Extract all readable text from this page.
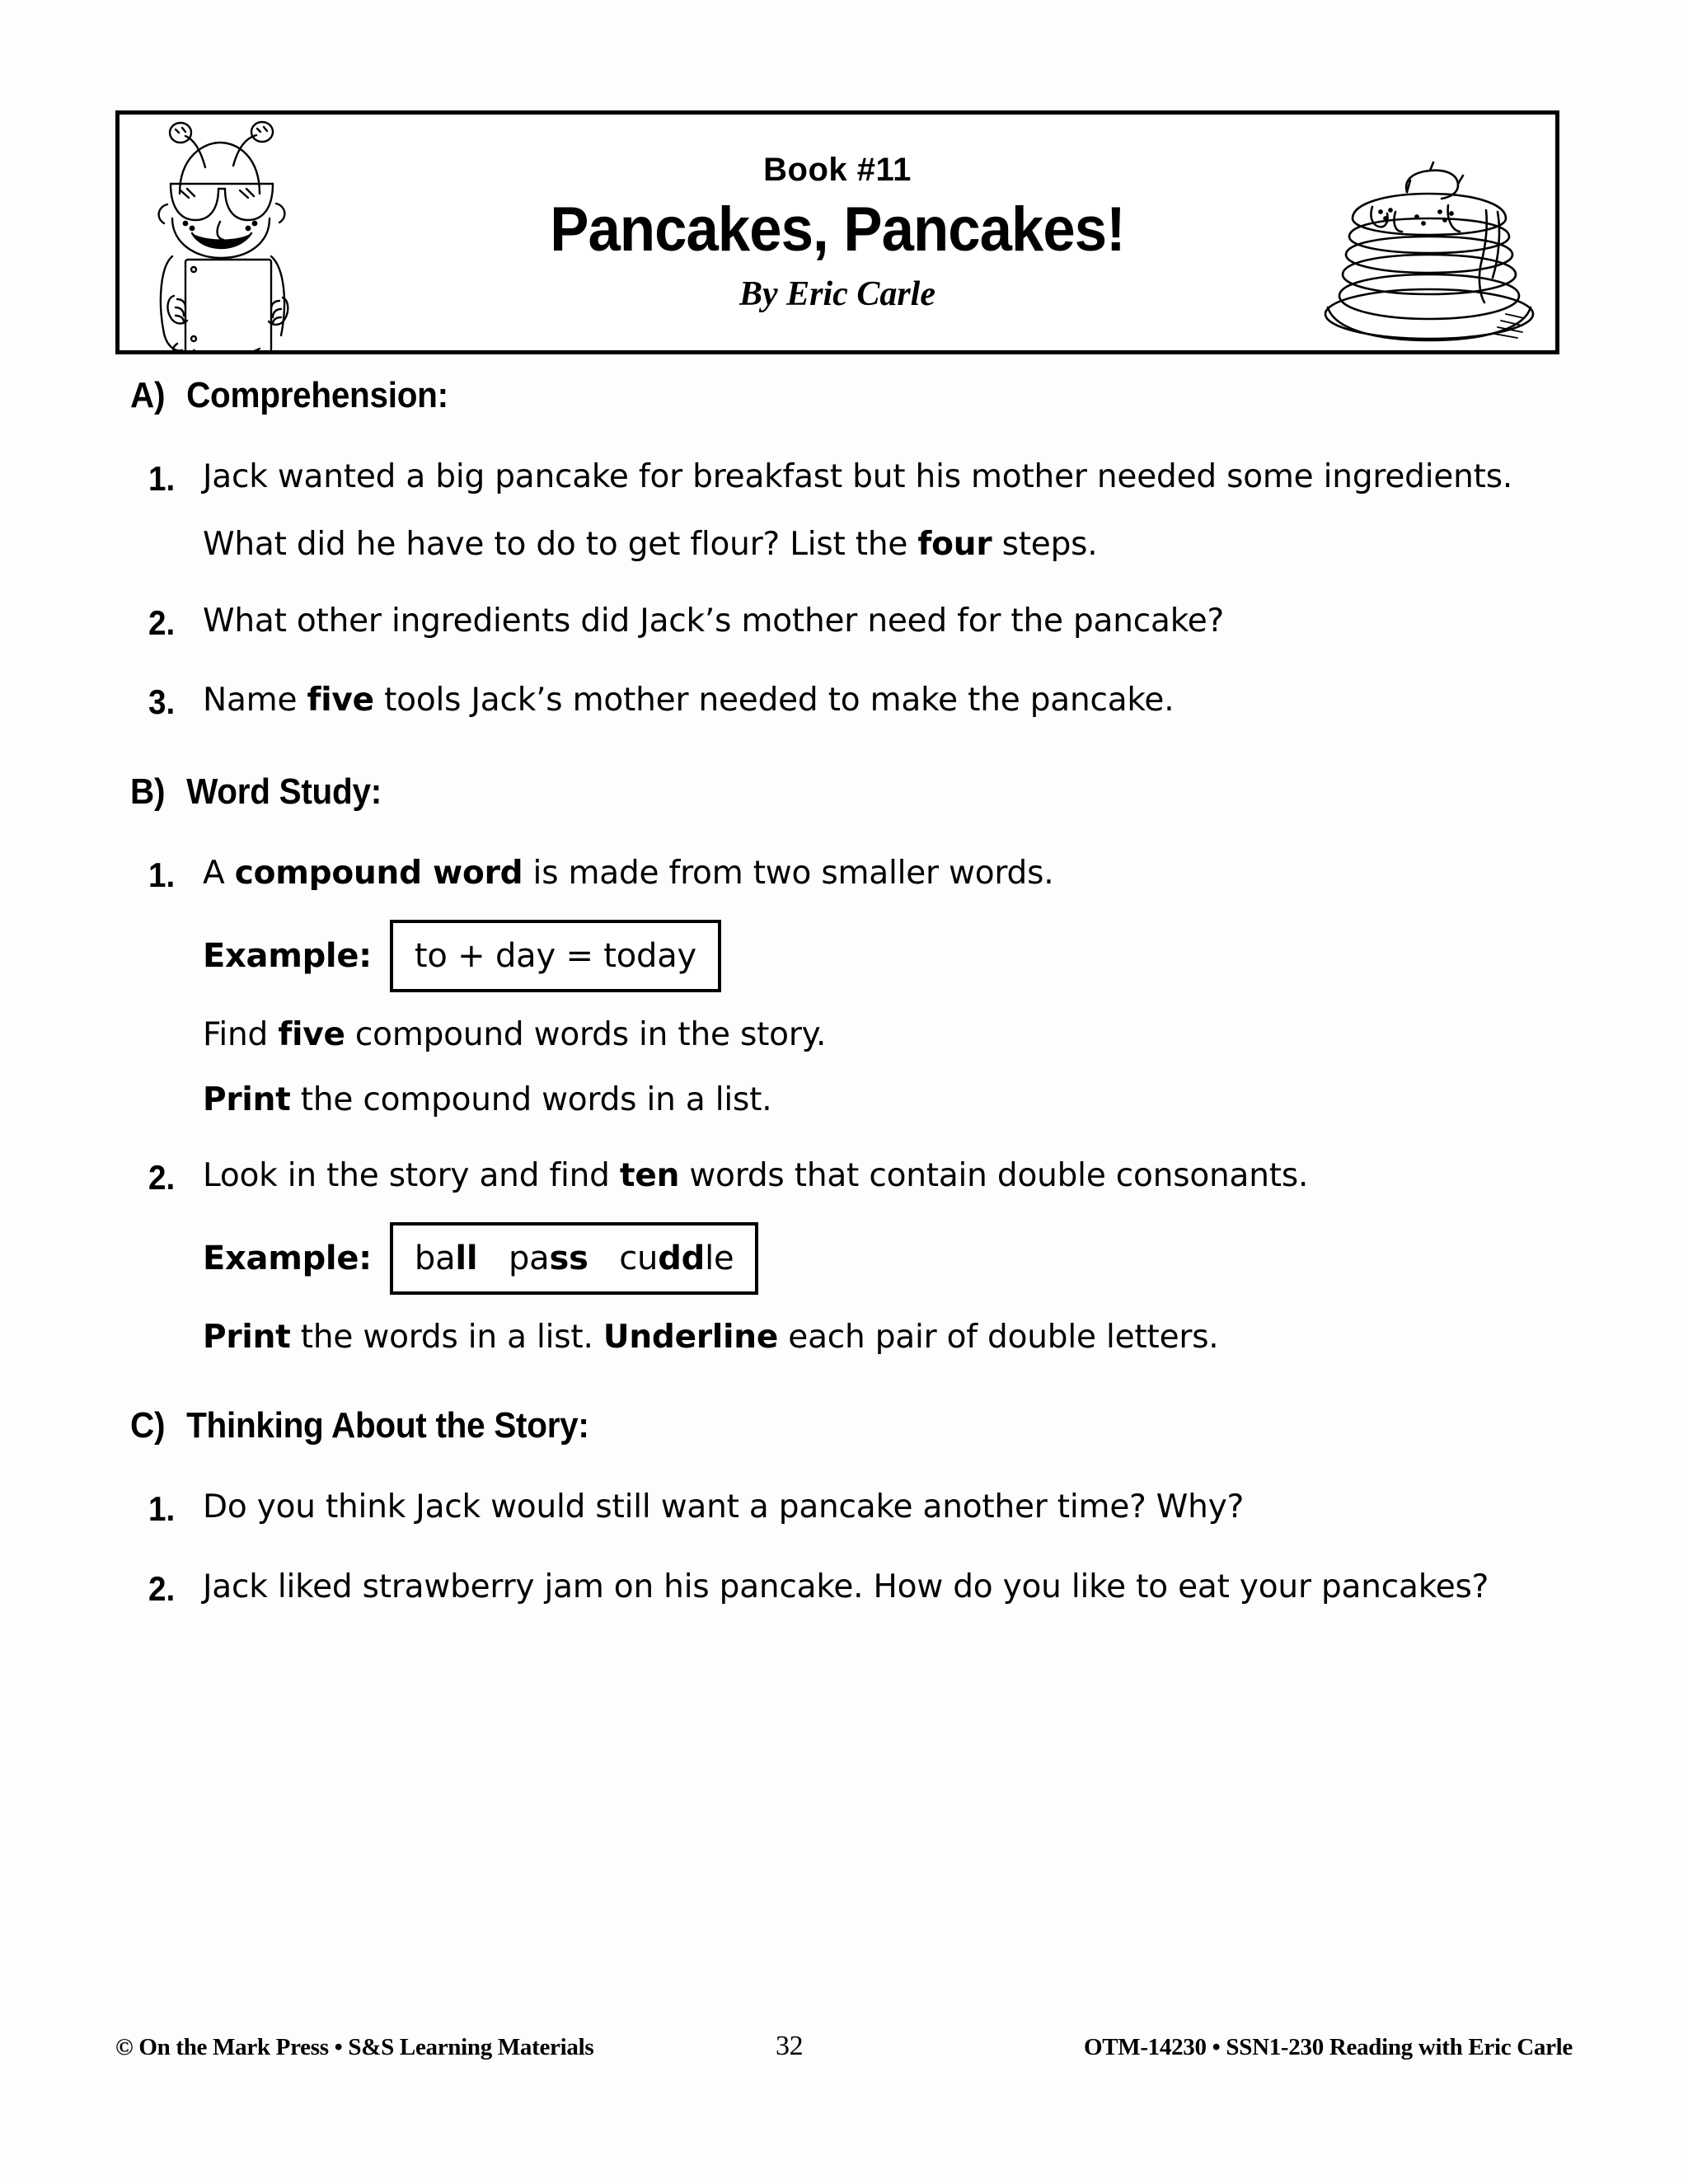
Book #11
Pancakes, Pancakes!
By Eric Carle
A) Comprehension:
1. Jack wanted a big pancake for breakfast but his mother needed some ingredients.
What did he have to do to get flour? List the four steps.
2. What other ingredients did Jack’s mother need for the pancake?
3. Name five tools Jack’s mother needed to make the pancake.
B) Word Study:
1. A compound word is made from two smaller words.
Example:	to + day = today
Find five compound words in the story.
Print the compound words in a list.
2. Look in the story and find ten words that contain double consonants.
Example: ball
pass
cuddle
Print the words in a list. Underline each pair of double letters.
C) Thinking About the Story:
1. Do you think Jack would still want a pancake another time? Why?
2. Jack liked strawberry jam on his pancake. How do you like to eat your pancakes?
© On the Mark Press • S&S Learning Materials	32	OTM-14230 • SSN1-230 Reading with Eric Carle
